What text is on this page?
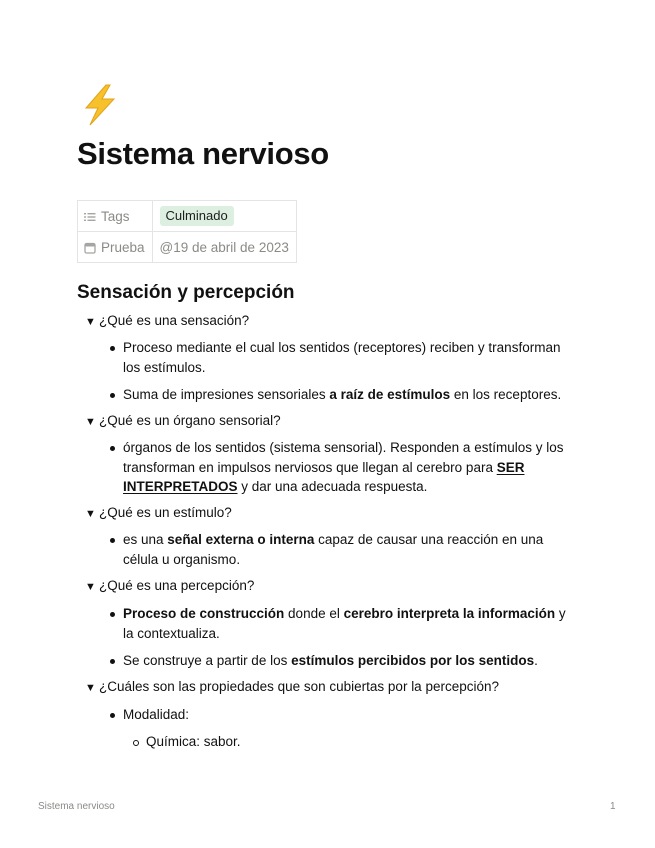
Sistema nervioso
Tags	Culminado
Prueba	@19 de abril de 2023
Sensación y percepción
▼ ¿Qué es una sensación?
Proceso mediante el cual los sentidos (receptores) reciben y transforman los estímulos.
Suma de impresiones sensoriales a raíz de estímulos en los receptores.
▼ ¿Qué es un órgano sensorial?
órganos de los sentidos (sistema sensorial). Responden a estímulos y los transforman en impulsos nerviosos que llegan al cerebro para SER INTERPRETADOS y dar una adecuada respuesta.
▼ ¿Qué es un estímulo?
es una señal externa o interna capaz de causar una reacción en una célula u organismo.
▼ ¿Qué es una percepción?
Proceso de construcción donde el cerebro interpreta la información y la contextualiza.
Se construye a partir de los estímulos percibidos por los sentidos.
▼ ¿Cuáles son las propiedades que son cubiertas por la percepción?
Modalidad:
Química: sabor.
Sistema nervioso	1
